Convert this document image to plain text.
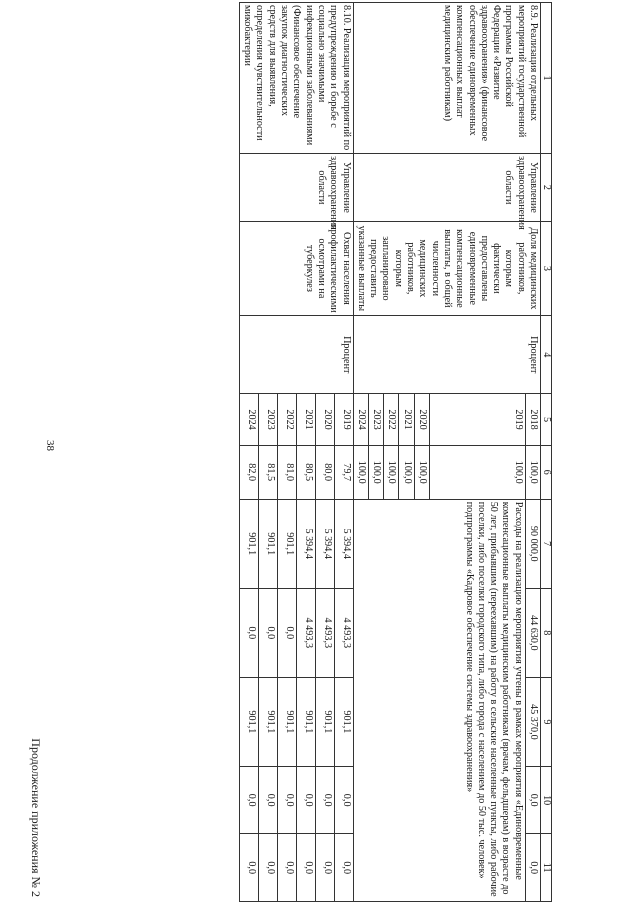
38
Продолжение приложения № 2
1	2	3	4	5	6	7	8	9	10	11
8.9. Реализация отдельных мероприятий государственной программы Российской Федерации «Развитие здравоохранения» (финансовое обеспечение единовременных компенсационных выплат медицинским работникам)	Управление здравоохранения области	Доля медицинских работников, которым фактически предоставлены единовременные компенсационные выплаты, в общей численности медицинских работников, которым запланировано предоставить указанные выплаты	Процент	2018	100,0	90 000,0	44 630,0	45 370,0	0,0	0,0
				2019	100,0	Расходы на реализацию мероприятия учтены в рамках мероприятия «Единовременные компенсационные выплаты медицинским работникам (врачам, фельдшерам) в возрасте до 50 лет, прибывшим (переехавшим) на работу в сельские населенные пункты, либо рабочие поселки, либо поселки городского типа, либо города с населением до 50 тыс. человек» подпрограммы «Кадровое обеспечение системы здравоохранения»				
				2020	100,0					
				2021	100,0					
				2022	100,0					
				2023	100,0					
				2024	100,0					
8.10. Реализация мероприятий по предупреждению и борьбе с социально значимыми инфекционными заболеваниями (Финансовое обеспечение закупок диагностических средств для выявления, определения чувствительности микобактерии	Управление здравоохранения области	Охват населения профилактическими осмотрами на туберкулез	Процент	2019	79,7	5 394,4	4 493,3	901,1	0,0	0,0
				2020	80,0	5 394,4	4 493,3	901,1	0,0	0,0
				2021	80,5	5 394,4	4 493,3	901,1	0,0	0,0
				2022	81,0	901,1	0,0	901,1	0,0	0,0
				2023	81,5	901,1	0,0	901,1	0,0	0,0
				2024	82,0	901,1	0,0	901,1	0,0	0,0
